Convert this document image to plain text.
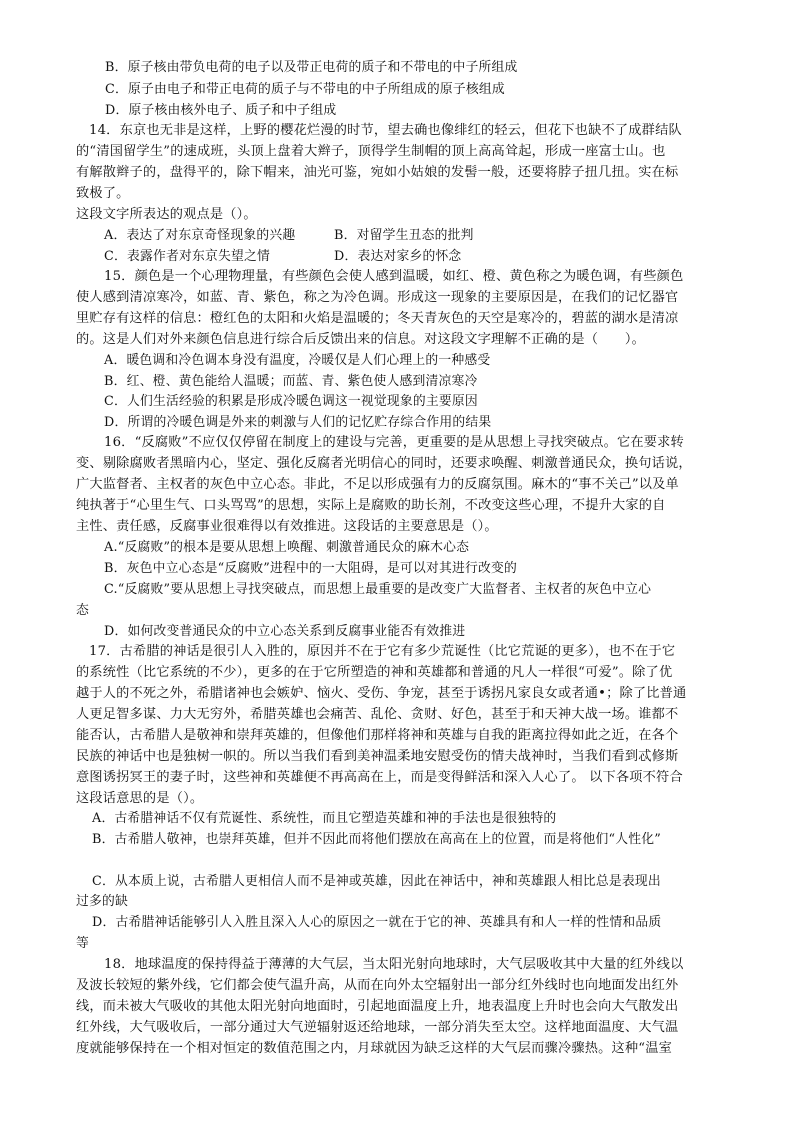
B．原子核由带负电荷的电子以及带正电荷的质子和不带电的中子所组成
C．原子由电子和带正电荷的质子与不带电的中子所组成的原子核组成
D．原子核由核外电子、质子和中子组成
14．东京也无非是这样，上野的樱花烂漫的时节，望去确也像绯红的轻云，但花下也缺不了成群结队
的“清国留学生”的速成班，头顶上盘着大辫子，顶得学生制帽的顶上高高耸起，形成一座富士山。也
有解散辫子的，盘得平的，除下帽来，油光可鉴，宛如小姑娘的发髻一般，还要将脖子扭几扭。实在标
致极了。
这段文字所表达的观点是（）。
A．表达了对东京奇怪现象的兴趣	B．对留学生丑态的批判
C．表露作者对东京失望之情	D．表达对家乡的怀念
15．颜色是一个心理物理量，有些颜色会使人感到温暖，如红、橙、黄色称之为暖色调，有些颜色
使人感到清凉寒冷，如蓝、青、紫色，称之为冷色调。形成这一现象的主要原因是，在我们的记忆器官
里贮存有这样的信息：橙红色的太阳和火焰是温暖的；冬天青灰色的天空是寒冷的，碧蓝的湖水是清凉
的。这是人们对外来颜色信息进行综合后反馈出来的信息。对这段文字理解不正确的是（　　）。
A．暖色调和冷色调本身没有温度，冷暖仅是人们心理上的一种感受
B．红、橙、黄色能给人温暖；而蓝、青、紫色使人感到清凉寒冷
C．人们生活经验的积累是形成冷暖色调这一视觉现象的主要原因
D．所谓的冷暖色调是外来的刺激与人们的记忆贮存综合作用的结果
16．“反腐败”不应仅仅停留在制度上的建设与完善，更重要的是从思想上寻找突破点。它在要求转
变、剔除腐败者黑暗内心，坚定、强化反腐者光明信心的同时，还要求唤醒、刺激普通民众，换句话说，
广大监督者、主权者的灰色中立心态。非此，不足以形成强有力的反腐氛围。麻木的“事不关己”以及单
纯执著于“心里生气、口头骂骂”的思想，实际上是腐败的助长剂，不改变这些心理，不提升大家的自
主性、责任感，反腐事业很难得以有效推进。这段话的主要意思是（）。
A.“反腐败”的根本是要从思想上唤醒、刺激普通民众的麻木心态
B．灰色中立心态是“反腐败”进程中的一大阻碍，是可以对其进行改变的
C.“反腐败”要从思想上寻找突破点，而思想上最重要的是改变广大监督者、主权者的灰色中立心
态
D．如何改变普通民众的中立心态关系到反腐事业能否有效推进
17．古希腊的神话是很引人入胜的，原因并不在于它有多少荒诞性（比它荒诞的更多），也不在于它
的系统性（比它系统的不少），更多的在于它所塑造的神和英雄都和普通的凡人一样很“可爱”。除了优
越于人的不死之外，希腊诸神也会嫉妒、恼火、受伤、争宠，甚至于诱拐凡家良女或者通•；除了比普通
人更足智多谋、力大无穷外，希腊英雄也会痛苦、乱伦、贪财、好色，甚至于和天神大战一场。谁都不
能否认，古希腊人是敬神和崇拜英雄的，但像他们那样将神和英雄与自我的距离拉得如此之近，在各个
民族的神话中也是独树一帜的。所以当我们看到美神温柔地安慰受伤的情夫战神时，当我们看到忒修斯
意图诱拐冥王的妻子时，这些神和英雄便不再高高在上，而是变得鲜活和深入人心了。 以下各项不符合
这段话意思的是（）。
A．古希腊神话不仅有荒诞性、系统性，而且它塑造英雄和神的手法也是很独特的
B．古希腊人敬神，也崇拜英雄，但并不因此而将他们摆放在高高在上的位置，而是将他们“人性化”
C．从本质上说，古希腊人更相信人而不是神或英雄，因此在神话中，神和英雄跟人相比总是表现出
过多的缺
D．古希腊神话能够引人入胜且深入人心的原因之一就在于它的神、英雄具有和人一样的性情和品质
等
18．地球温度的保持得益于薄薄的大气层，当太阳光射向地球时，大气层吸收其中大量的红外线以
及波长较短的紫外线，它们都会使气温升高，从而在向外太空辐射出一部分红外线时也向地面发出红外
线，而未被大气吸收的其他太阳光射向地面时，引起地面温度上升，地表温度上升时也会向大气散发出
红外线，大气吸收后，一部分通过大气逆辐射返还给地球，一部分消失至太空。这样地面温度、大气温
度就能够保持在一个相对恒定的数值范围之内，月球就因为缺乏这样的大气层而骤冷骤热。这种“温室
